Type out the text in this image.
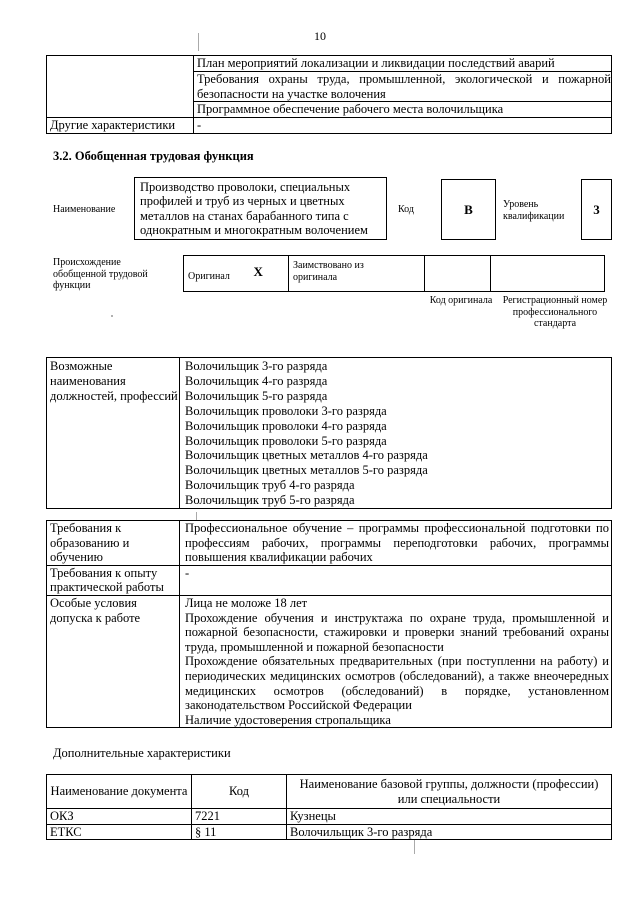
10
	План мероприятий локализации и ликвидации последствий аварий
	Требования охраны труда, промышленной, экологической и пожарной безопасности на участке волочения
	Программное обеспечение рабочего места волочильщика
Другие характеристики	-
3.2. Обобщенная трудовая функция
Наименование
Производство проволоки, специальных профилей и труб из черных и цветных металлов на станах барабанного типа с однократным и многократным волочением
Код	B	Уровень квалификации	3
Происхождение обобщенной трудовой функции
$_{Оригинал}$	X	Заимствовано из оригинала

Код оригинала	Регистрационный номер профессионального стандарта
Возможные наименования должностей, профессий	
Волочильщик 3-го разряда
Волочильщик 4-го разряда
Волочильщик 5-го разряда
Волочильщик проволоки 3-го разряда
Волочильщик проволоки 4-го разряда
Волочильщик проволоки 5-го разряда
Волочильщик цветных металлов 4-го разряда
Волочильщик цветных металлов 5-го разряда
Волочильщик труб 4-го разряда
Волочильщик труб 5-го разряда
Требования к образованию и обучению	Профессиональное обучение – программы профессиональной подготовки по профессиям рабочих, программы переподготовки рабочих, программы повышения квалификации рабочих
Требования к опыту практической работы	-
Особые условия допуска к работе	Лица не моложе 18 лет
Прохождение обучения и инструктажа по охране труда, промышленной и пожарной безопасности, стажировки и проверки знаний требований охраны труда, промышленной и пожарной безопасности
Прохождение обязательных предварительных (при поступленни на работу) и периодических медицинских осмотров (обследований), а также внеочередных медицинских осмотров (обследований) в порядке, установленном законодательством Российской Федерации
Наличие удостоверения стропальщика
Дополнительные характеристики
Наименование документа	Код	Наименование базовой группы, должности (профессии) или специальности
ОКЗ	7221	Кузнецы
ЕТКС	§ 11	Волочильщик 3-го разряда
